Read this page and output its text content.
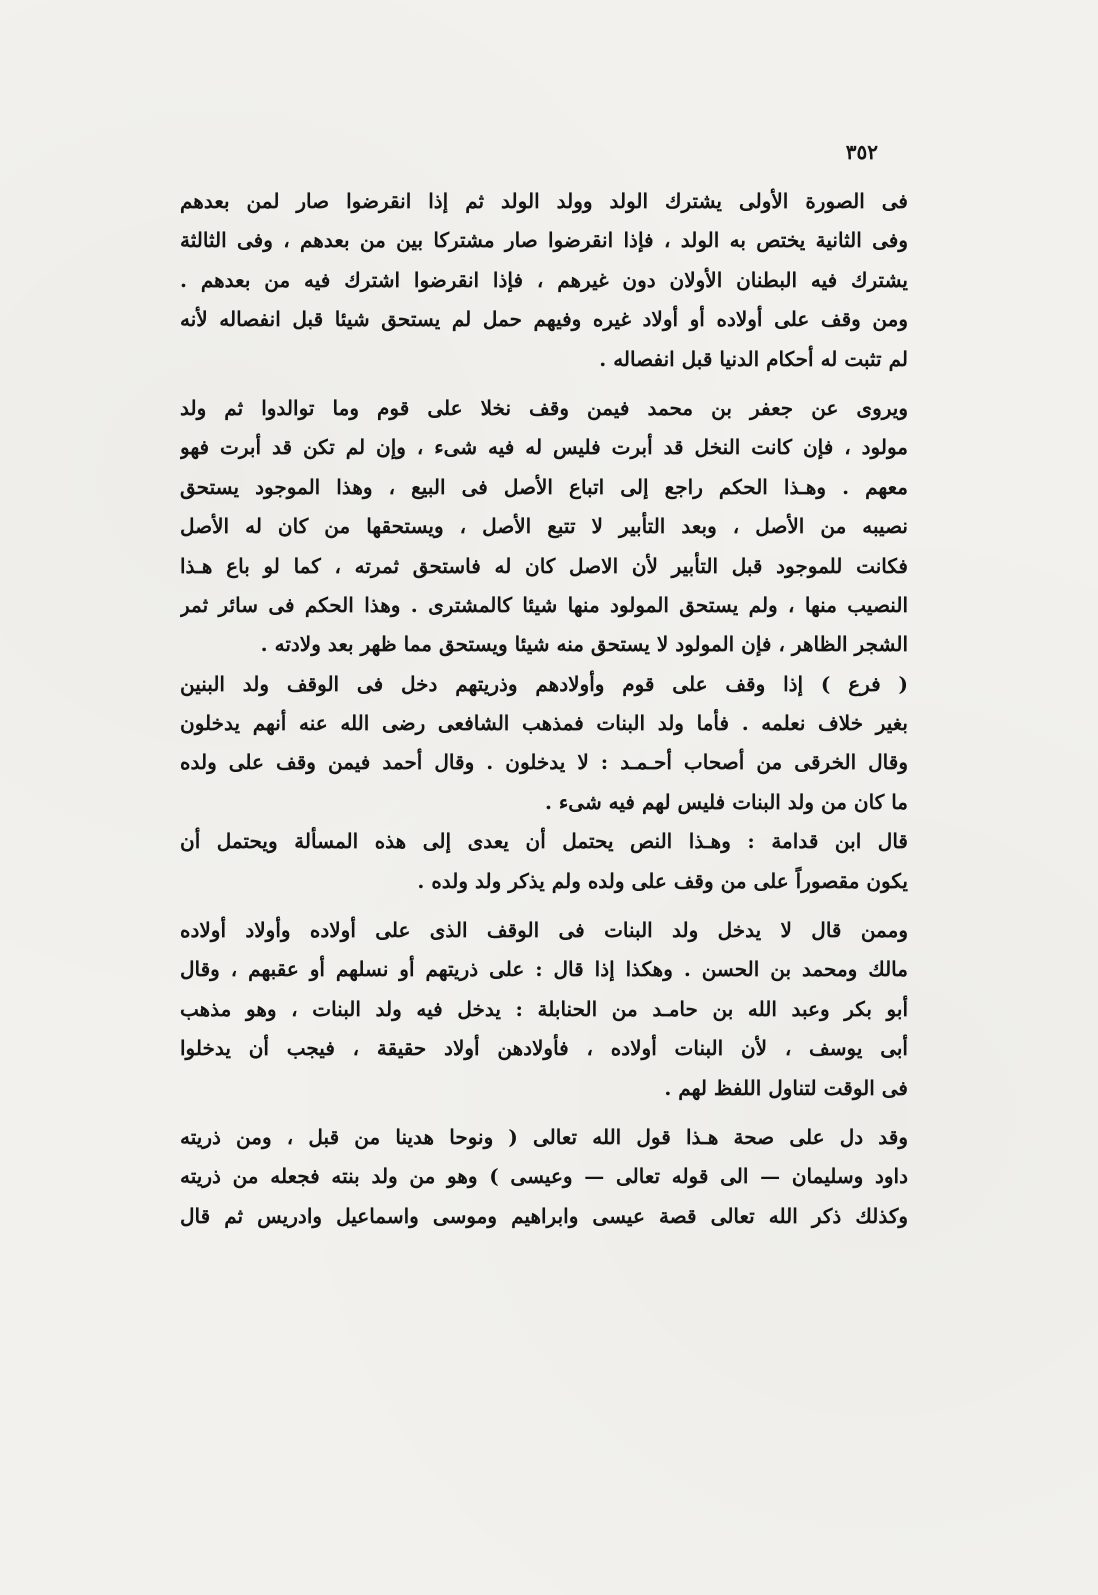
٣٥٢
فى الصورة الأولى يشترك الولد وولد الولد ثم إذا انقرضوا صار لمن بعدهم
وفى الثانية يختص به الولد ، فإذا انقرضوا صار مشتركا بين من بعدهم ، وفى الثالثة
يشترك فيه البطنان الأولان دون غيرهم ، فإذا انقرضوا اشترك فيه من بعدهم .
ومن وقف على أولاده أو أولاد غيره وفيهم حمل لم يستحق شيئا قبل انفصاله لأنه
لم تثبت له أحكام الدنيا قبل انفصاله .
ويروى عن جعفر بن محمد فيمن وقف نخلا على قوم وما توالدوا ثم ولد
مولود ، فإن كانت النخل قد أبرت فليس له فيه شىء ، وإن لم تكن قد أبرت فهو
معهم . وهـذا الحكم راجع إلى اتباع الأصل فى البيع ، وهذا الموجود يستحق
نصيبه من الأصل ، وبعد التأبير لا تتبع الأصل ، ويستحقها من كان له الأصل
فكانت للموجود قبل التأبير لأن الاصل كان له فاستحق ثمرته ، كما لو باع هـذا
النصيب منها ، ولم يستحق المولود منها شيئا كالمشترى . وهذا الحكم فى سائر ثمر
الشجر الظاهر ، فإن المولود لا يستحق منه شيئا ويستحق مما ظهر بعد ولادته .
( فرع ) إذا وقف على قوم وأولادهم وذريتهم دخل فى الوقف ولد البنين
بغير خلاف نعلمه . فأما ولد البنات فمذهب الشافعى رضى الله عنه أنهم يدخلون
وقال الخرقى من أصحاب أحـمـد : لا يدخلون . وقال أحمد فيمن وقف على ولده
ما كان من ولد البنات فليس لهم فيه شىء .
قال ابن قدامة : وهـذا النص يحتمل أن يعدى إلى هذه المسألة ويحتمل أن
يكون مقصوراً على من وقف على ولده ولم يذكر ولد ولده .
وممن قال لا يدخل ولد البنات فى الوقف الذى على أولاده وأولاد أولاده
مالك ومحمد بن الحسن . وهكذا إذا قال : على ذريتهم أو نسلهم أو عقبهم ، وقال
أبو بكر وعبد الله بن حامـد من الحنابلة : يدخل فيه ولد البنات ، وهو مذهب
أبى يوسف ، لأن البنات أولاده ، فأولادهن أولاد حقيقة ، فيجب أن يدخلوا
فى الوقت لتناول اللفظ لهم .
وقد دل على صحة هـذا قول الله تعالى ( ونوحا هدينا من قبل ، ومن ذريته
داود وسليمان — الى قوله تعالى — وعيسى ) وهو من ولد بنته فجعله من ذريته
وكذلك ذكر الله تعالى قصة عيسى وابراهيم وموسى واسماعيل وادريس ثم قال
